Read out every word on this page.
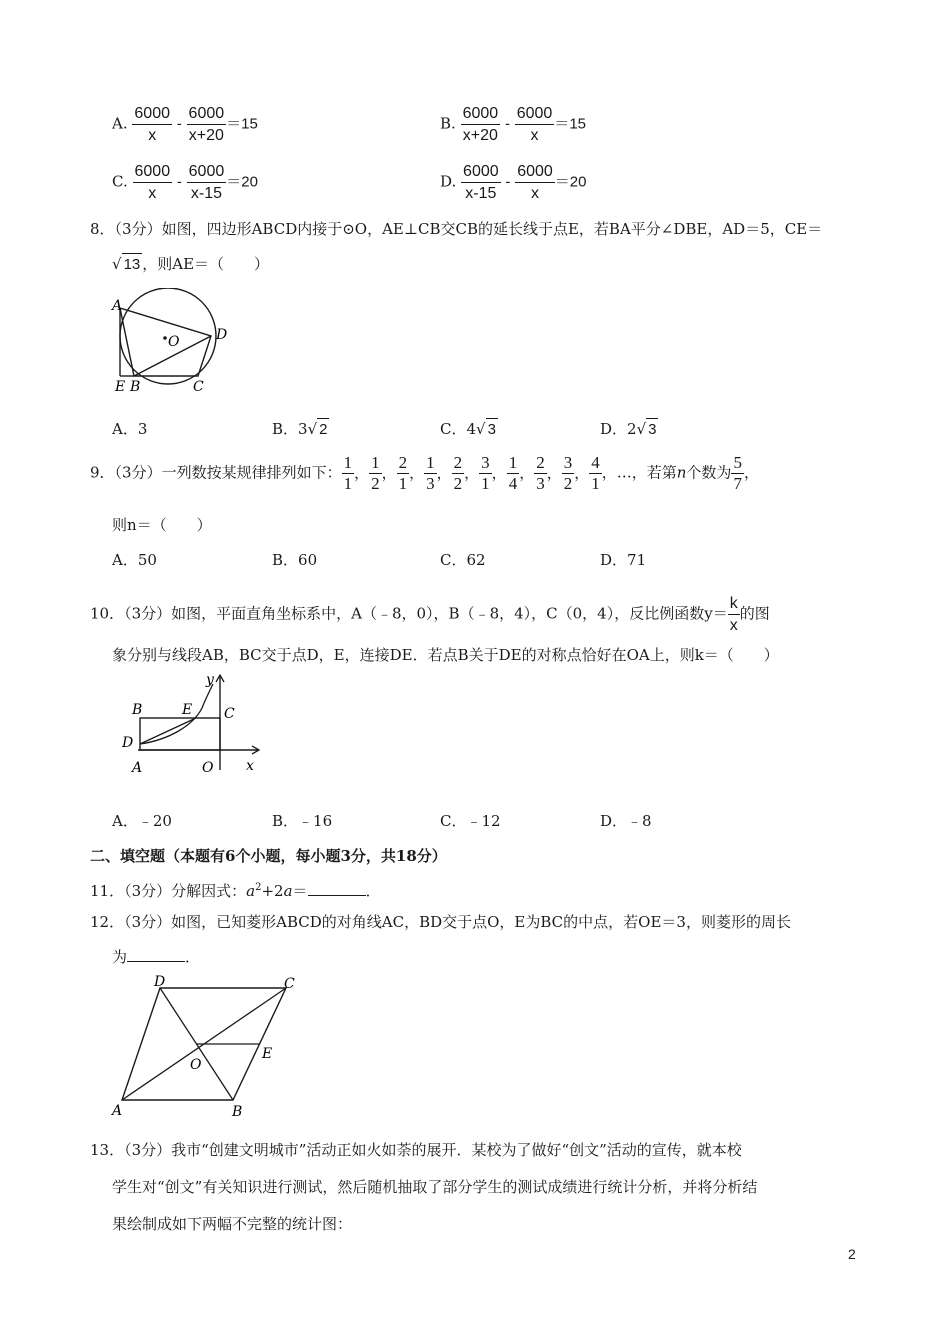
A. $\frac{6000}{x} - \frac{6000}{x+20} =15$	B. $\frac{6000}{x+20} - \frac{6000}{x} =15$
C. $\frac{6000}{x} - \frac{6000}{x-15} =20$	D. $\frac{6000}{x-15} - \frac{6000}{x} =20$
8．（3分）如图，四边形ABCD内接于⊙O，AE⊥CB交CB的延长线于点E，若BA平分∠DBE，AD＝5，CE＝
√ 13 ，则AE＝（　　）
A
O	D
E B	C
A．3	B．3√ 2	C．4√ 3	D．2√ 3
9．（3分）一列数按某规律排列如下： $\frac{1}{1}$ ， $\frac{1}{2}$ ， $\frac{2}{1}$ ， $\frac{1}{3}$ ， $\frac{2}{2}$ ， $\frac{3}{1}$ ， $\frac{1}{4}$ ， $\frac{2}{3}$ ， $\frac{3}{2}$ ， $\frac{4}{1}$ ，…，若第n个数为 $\frac{5}{7}$ ，
则n＝（　　）
A．50	B．60	C．62	D．71
10．（3分）如图，平面直角坐标系中，A（﹣8，0），B（﹣8，4），C（0，4），反比例函数$y= \frac{k}{x}$ 的图
象分别与线段AB，BC交于点D，E，连接DE．若点B关于DE的对称点恰好在OA上，则k＝（　　）
B	E C
D
A	O
y
x
A．﹣20	B．﹣16	C．﹣12	D．﹣8
二、填空题（本题有6个小题，每小题3分，共18分）
11．（3分）分解因式：$a^2+2a=$	．
12．（3分）如图，已知菱形ABCD的对角线AC，BD交于点O，E为BC的中点，若OE＝3，则菱形的周长
为	．
D	C
O
E
A	B
13．（3分）我市“创建文明城市”活动正如火如荼的展开．某校为了做好“创文”活动的宣传，就本校
学生对“创文”有关知识进行测试，然后随机抽取了部分学生的测试成绩进行统计分析，并将分析结
果绘制成如下两幅不完整的统计图：
2
